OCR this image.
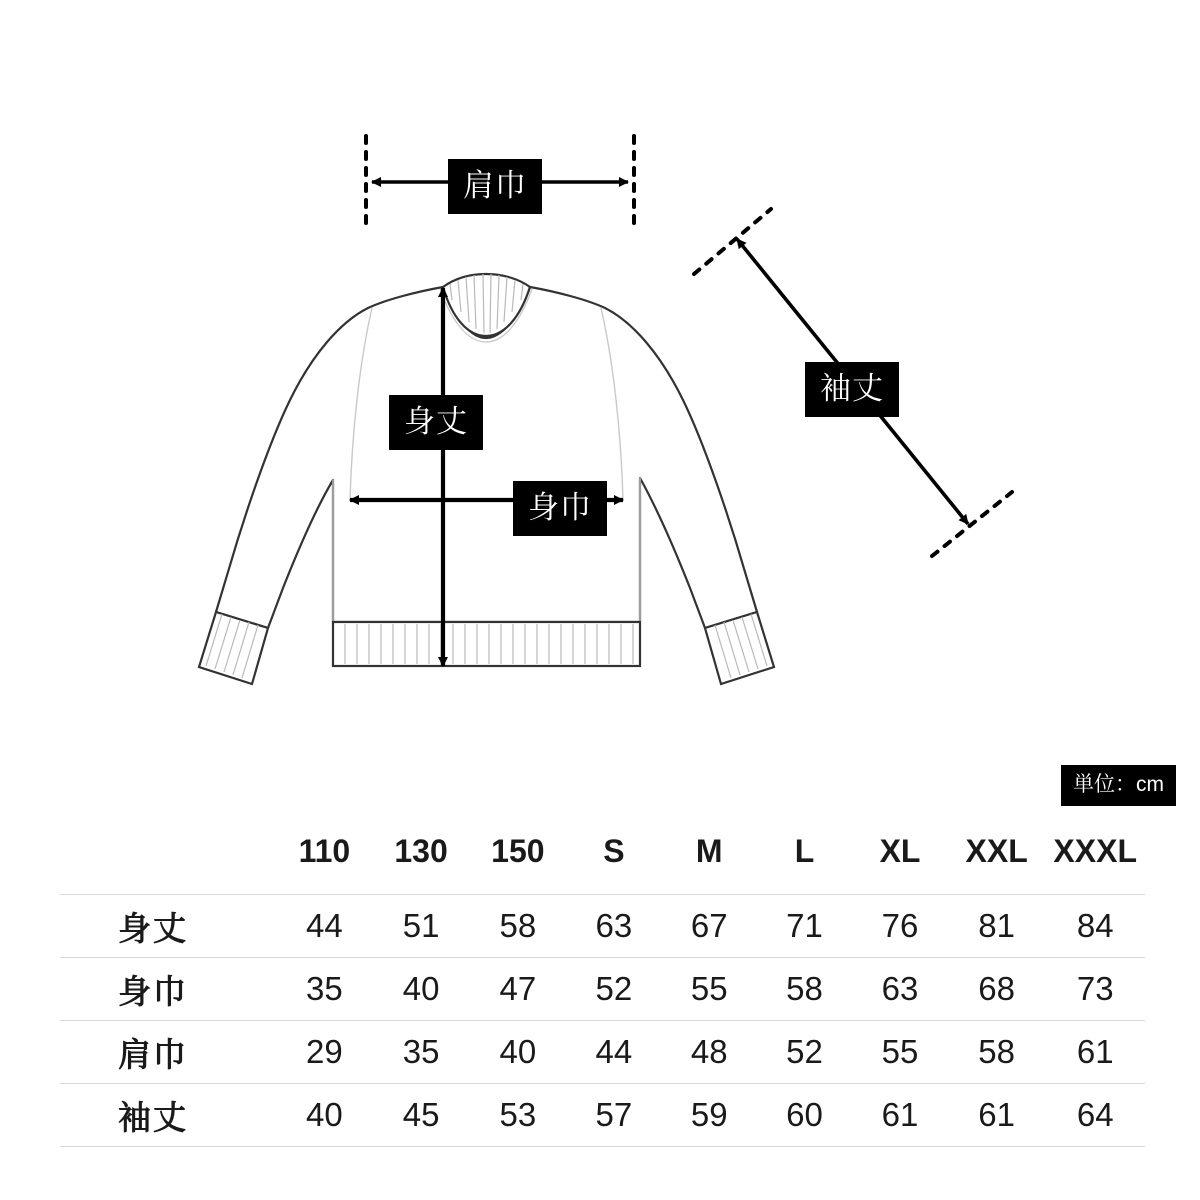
肩巾
身丈
身巾
袖丈
単位：cm
	110	130	150	S	M	L	XL	XXL	XXXL
身丈	44	51	58	63	67	71	76	81	84
身巾	35	40	47	52	55	58	63	68	73
肩巾	29	35	40	44	48	52	55	58	61
袖丈	40	45	53	57	59	60	61	61	64
